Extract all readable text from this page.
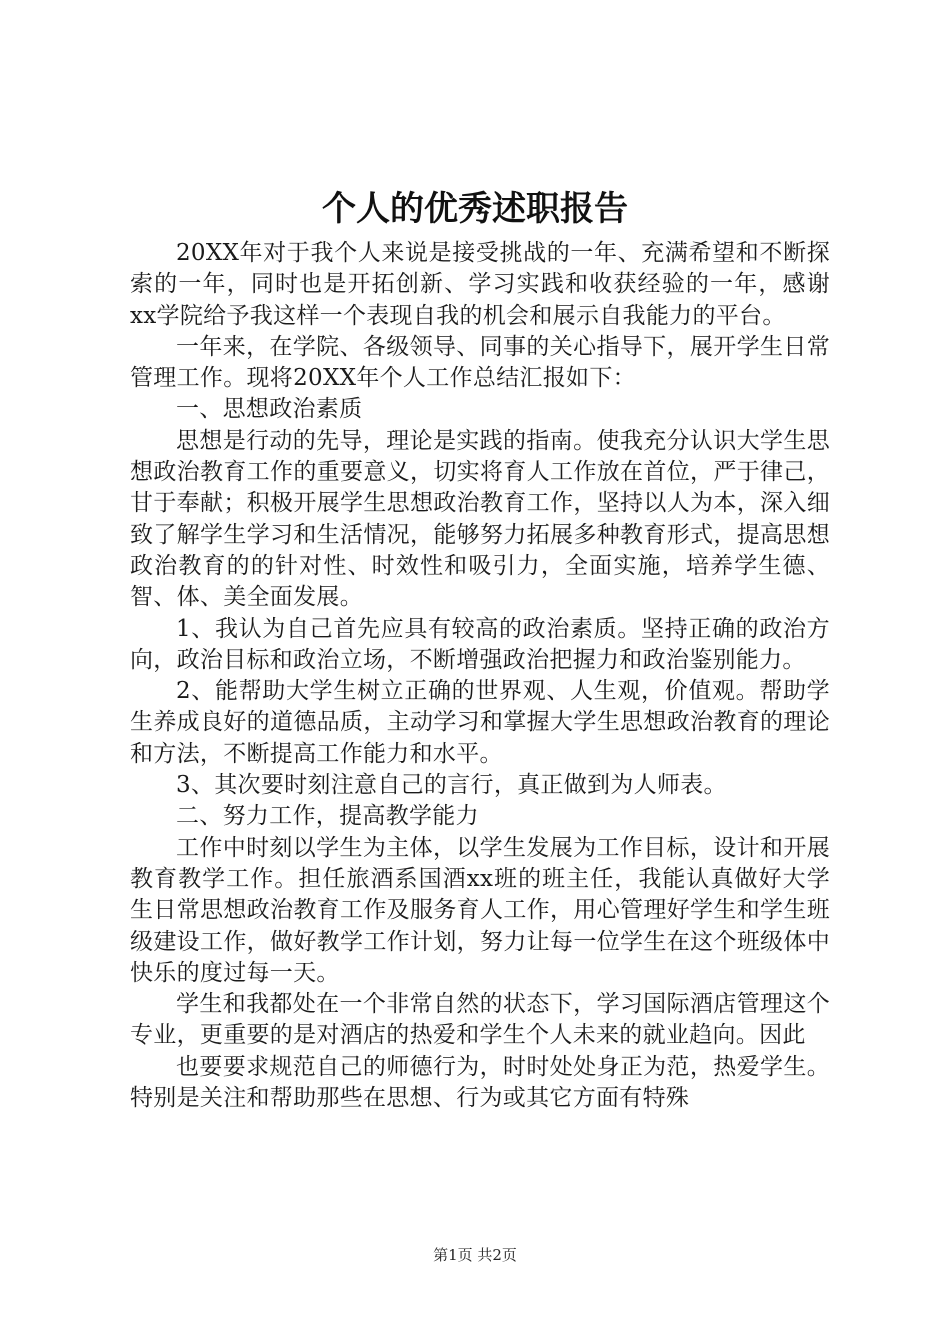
个人的优秀述职报告

20XX年对于我个人来说是接受挑战的一年、充满希望和不断探索的一年，同时也是开拓创新、学习实践和收获经验的一年，感谢xx学院给予我这样一个表现自我的机会和展示自我能力的平台。

一年来，在学院、各级领导、同事的关心指导下，展开学生日常管理工作。现将20XX年个人工作总结汇报如下：

一、思想政治素质

思想是行动的先导，理论是实践的指南。使我充分认识大学生思想政治教育工作的重要意义，切实将育人工作放在首位，严于律己，甘于奉献；积极开展学生思想政治教育工作，坚持以人为本，深入细致了解学生学习和生活情况，能够努力拓展多种教育形式，提高思想政治教育的的针对性、时效性和吸引力，全面实施，培养学生德、智、体、美全面发展。

1、我认为自己首先应具有较高的政治素质。坚持正确的政治方向，政治目标和政治立场，不断增强政治把握力和政治鉴别能力。

2、能帮助大学生树立正确的世界观、人生观，价值观。帮助学生养成良好的道德品质，主动学习和掌握大学生思想政治教育的理论和方法，不断提高工作能力和水平。

3、其次要时刻注意自己的言行，真正做到为人师表。

二、努力工作，提高教学能力

工作中时刻以学生为主体，以学生发展为工作目标，设计和开展教育教学工作。担任旅酒系国酒xx班的班主任，我能认真做好大学生日常思想政治教育工作及服务育人工作，用心管理好学生和学生班级建设工作，做好教学工作计划，努力让每一位学生在这个班级体中快乐的度过每一天。

学生和我都处在一个非常自然的状态下，学习国际酒店管理这个专业，更重要的是对酒店的热爱和学生个人未来的就业趋向。因此

也要要求规范自己的师德行为，时时处处身正为范，热爱学生。特别是关注和帮助那些在思想、行为或其它方面有特殊

第1页 共2页
